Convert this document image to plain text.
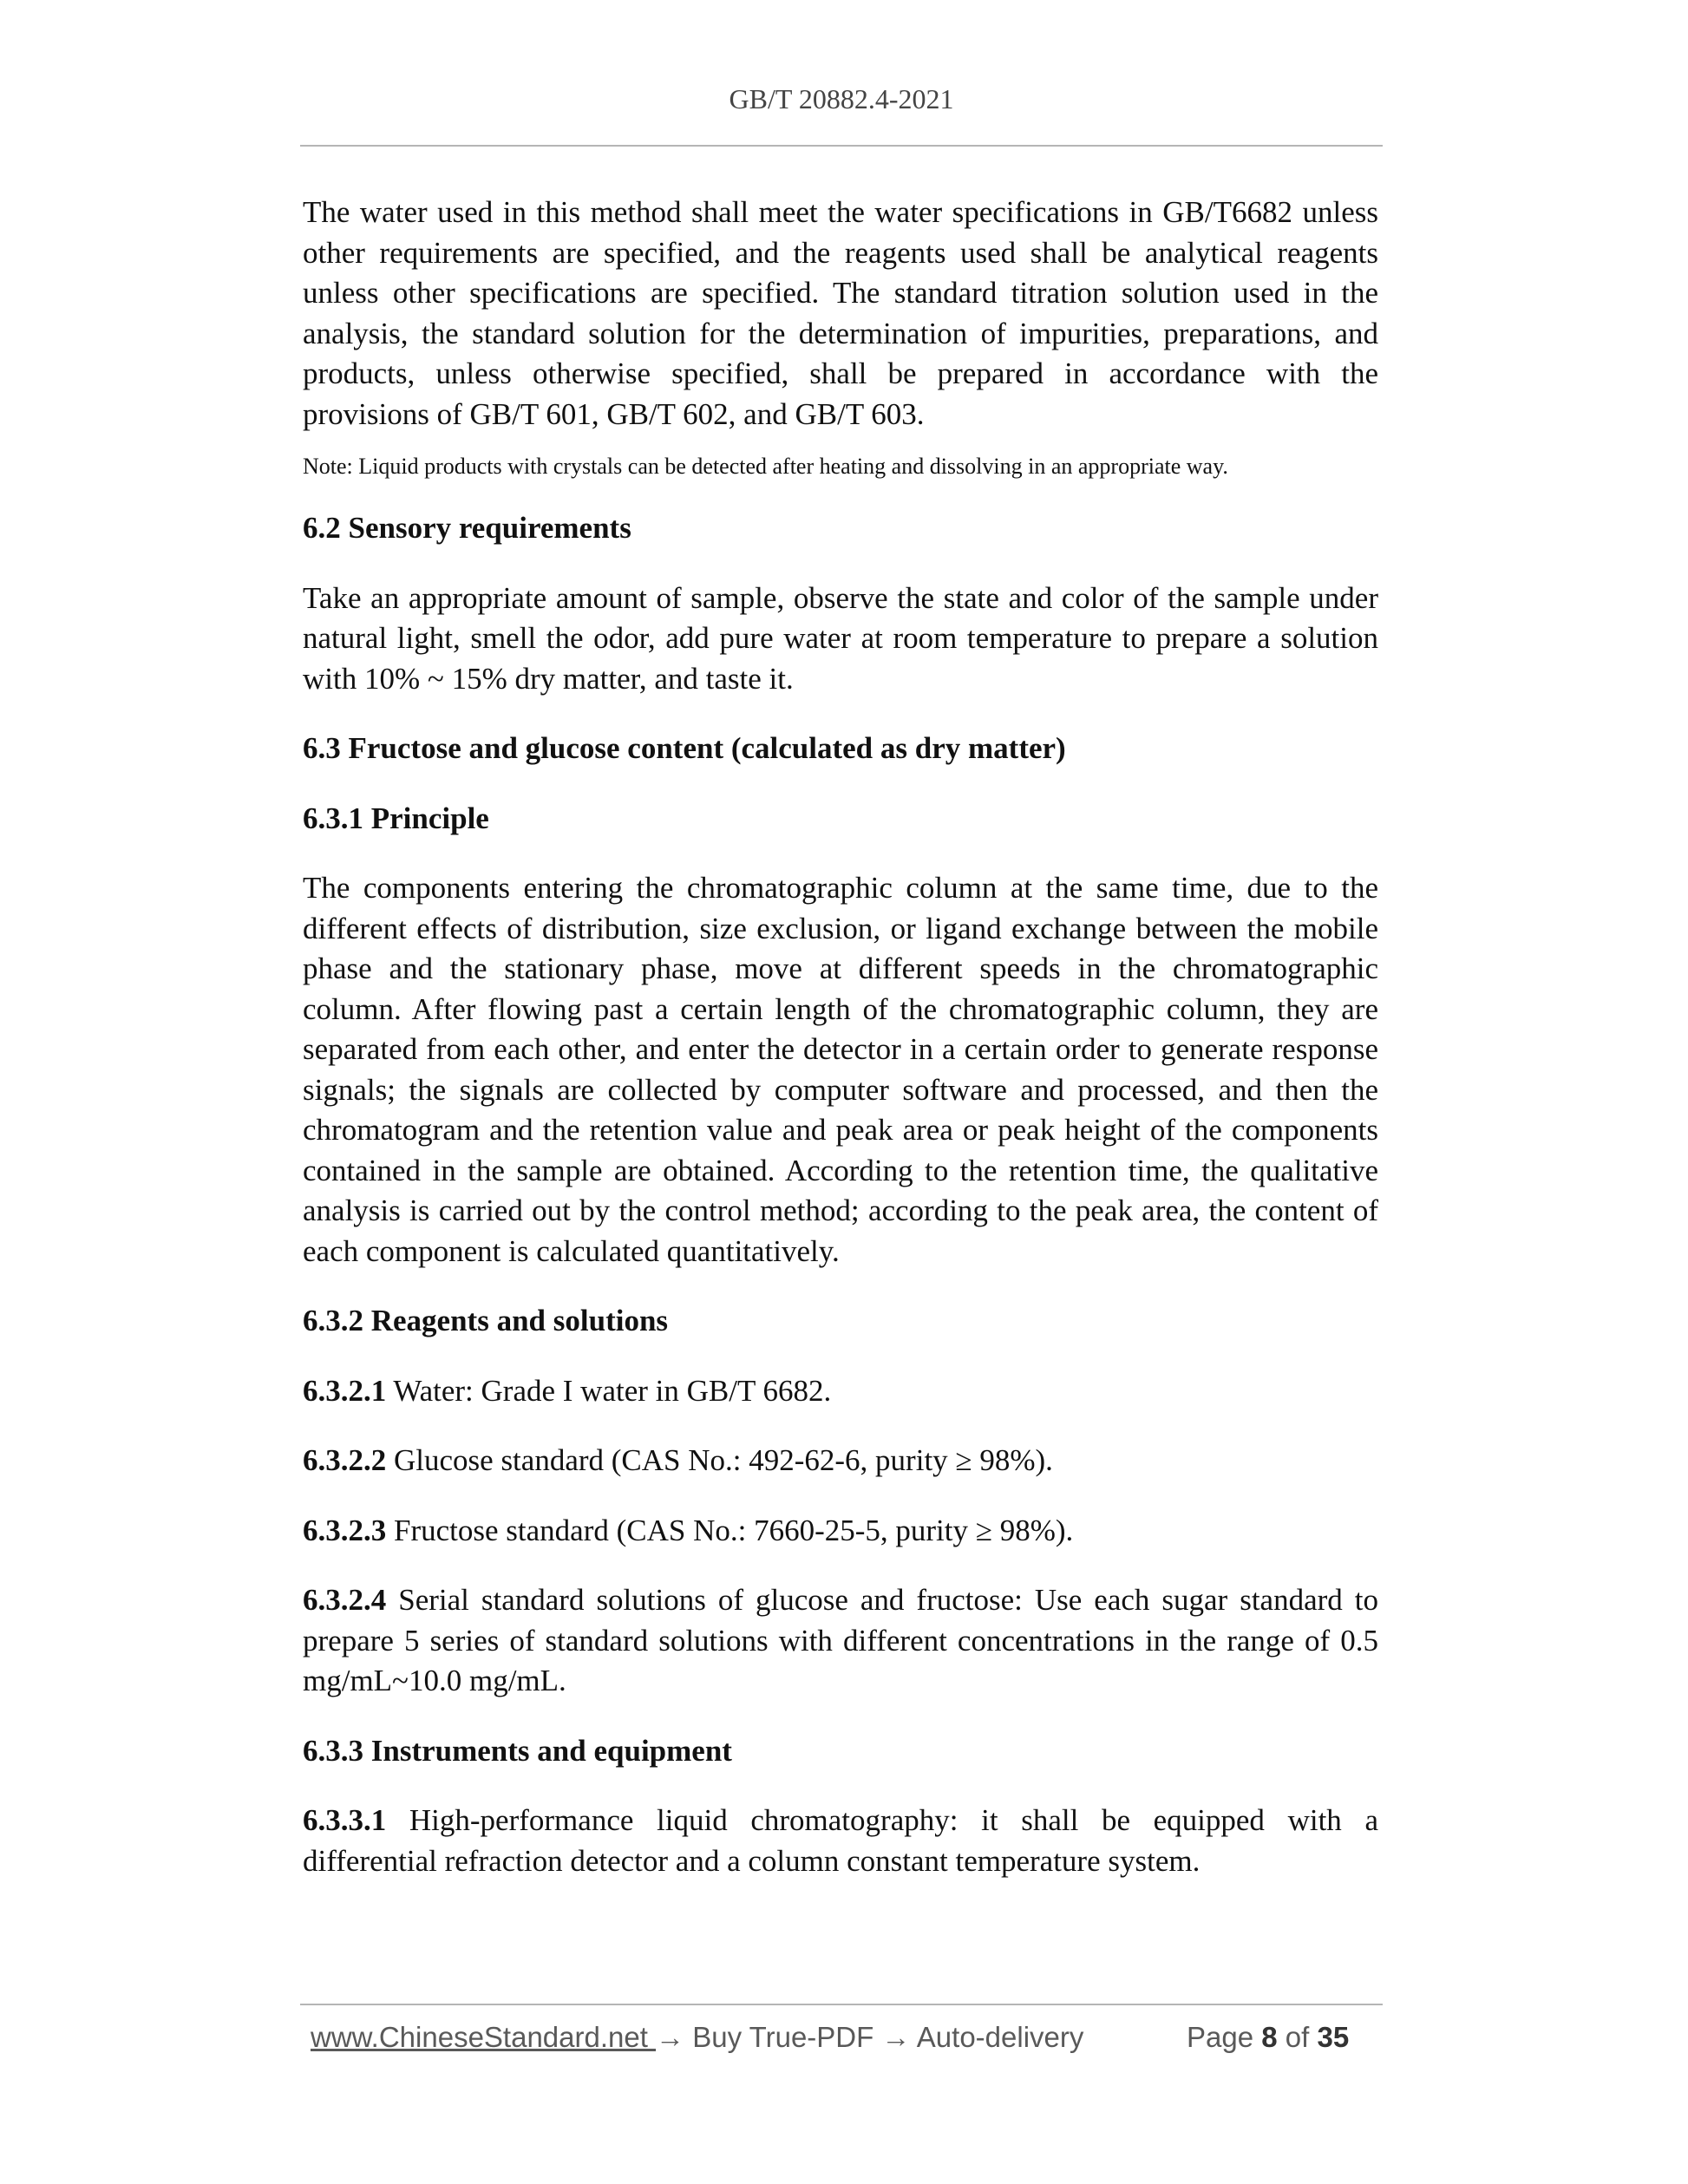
GB/T 20882.4-2021

The water used in this method shall meet the water specifications in GB/T6682 unless other requirements are specified, and the reagents used shall be analytical reagents unless other specifications are specified. The standard titration solution used in the analysis, the standard solution for the determination of impurities, preparations, and products, unless otherwise specified, shall be prepared in accordance with the provisions of GB/T 601, GB/T 602, and GB/T 603.

Note: Liquid products with crystals can be detected after heating and dissolving in an appropriate way.

6.2 Sensory requirements

Take an appropriate amount of sample, observe the state and color of the sample under natural light, smell the odor, add pure water at room temperature to prepare a solution with 10% ~ 15% dry matter, and taste it.

6.3 Fructose and glucose content (calculated as dry matter)

6.3.1 Principle

The components entering the chromatographic column at the same time, due to the different effects of distribution, size exclusion, or ligand exchange between the mobile phase and the stationary phase, move at different speeds in the chromatographic column. After flowing past a certain length of the chromatographic column, they are separated from each other, and enter the detector in a certain order to generate response signals; the signals are collected by computer software and processed, and then the chromatogram and the retention value and peak area or peak height of the components contained in the sample are obtained. According to the retention time, the qualitative analysis is carried out by the control method; according to the peak area, the content of each component is calculated quantitatively.

6.3.2 Reagents and solutions

6.3.2.1 Water: Grade I water in GB/T 6682.

6.3.2.2 Glucose standard (CAS No.: 492-62-6, purity ≥ 98%).

6.3.2.3 Fructose standard (CAS No.: 7660-25-5, purity ≥ 98%).

6.3.2.4 Serial standard solutions of glucose and fructose: Use each sugar standard to prepare 5 series of standard solutions with different concentrations in the range of 0.5 mg/mL~10.0 mg/mL.

6.3.3 Instruments and equipment

6.3.3.1 High-performance liquid chromatography: it shall be equipped with a differential refraction detector and a column constant temperature system.

www.ChineseStandard.net → Buy True-PDF → Auto-delivery	Page 8 of 35
